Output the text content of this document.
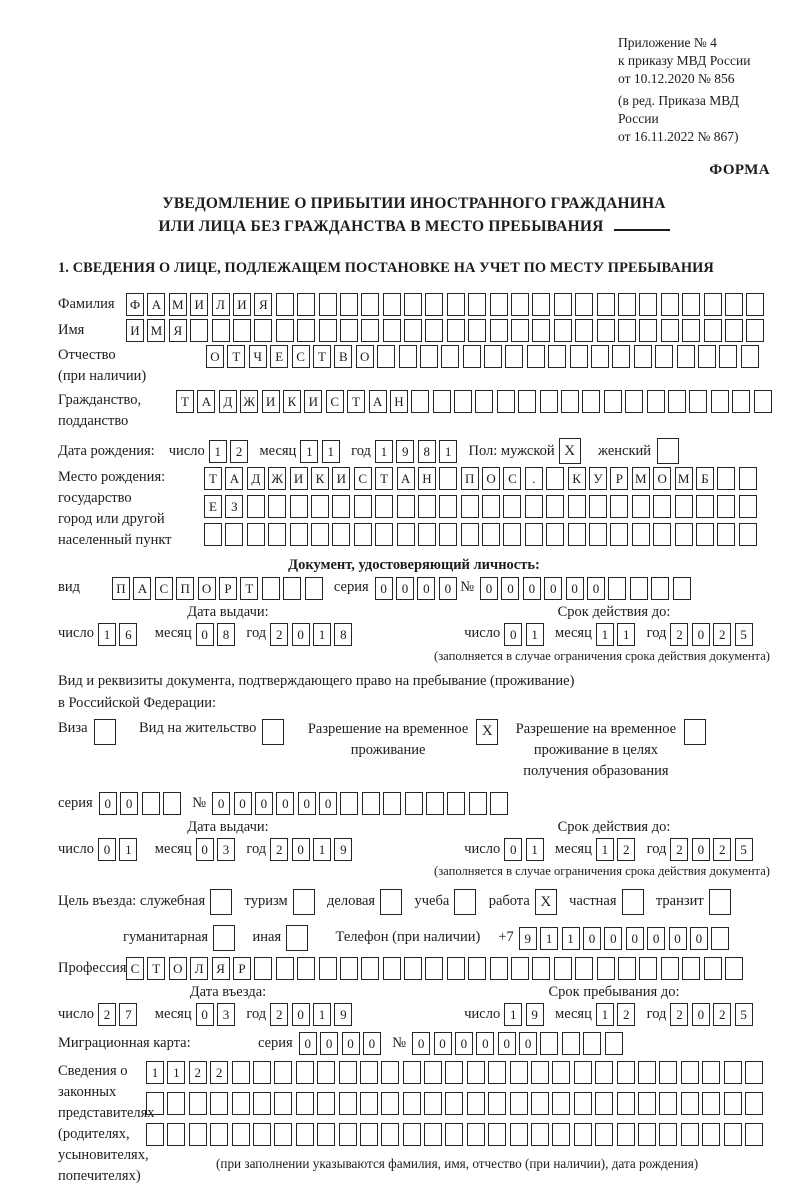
Приложение № 4
к приказу МВД России
от 10.12.2020 № 856
(в ред. Приказа МВД России
от 16.11.2022 № 867)
ФОРМА
УВЕДОМЛЕНИЕ О ПРИБЫТИИ ИНОСТРАННОГО ГРАЖДАНИНА
ИЛИ ЛИЦА БЕЗ ГРАЖДАНСТВА В МЕСТО ПРЕБЫВАНИЯ
1. СВЕДЕНИЯ О ЛИЦЕ, ПОДЛЕЖАЩЕМ ПОСТАНОВКЕ НА УЧЕТ ПО МЕСТУ ПРЕБЫВАНИЯ
Фамилия	Ф А М И Л И Я
Имя	И М Я
Отчество
(при наличии)
О Т	Ч	Е	С	Т	В О
Гражданство,
подданство
Т А Д Ж И К И С	Т А Н
Дата рождения: число 1	2	месяц 1	1	год 1	9	8	1	Пол: мужской X	женский
Место рождения:
государство
город или другой
населенный пункт
Т А Д Ж И К И С	Т А Н	П О С	.	К У	Р М О М Б
Е	З
Документ, удостоверяющий личность:
вид	П А С П О	Р	Т	серия 0	0	0	0 № 0	0	0	0	0	0
Дата выдачи:	Срок действия до:
число 1	6	месяц 0	8	год 2	0	1	8	число 0	1	месяц 1	1	год 2	0	2	5
(заполняется в случае ограничения срока действия документа)
Вид и реквизиты документа, подтверждающего право на пребывание (проживание)
в Российской Федерации:
Виза	Вид на жительство	Разрешение на временное
проживание
X	Разрешение на временное
проживание в целях
получения образования
серия 0	0	№ 0	0	0	0	0	0
Дата выдачи:	Срок действия до:
число 0	1	месяц 0	3	год 2	0	1	9	число 0	1	месяц 1	2	год 2	0	2	5
(заполняется в случае ограничения срока действия документа)
Цель въезда: служебная	туризм	деловая	учеба	работа X	частная	транзит
гуманитарная	иная	Телефон (при наличии) +7 9	1	1	0	0	0	0	0	0
Профессия С	Т О Л Я	Р
Дата въезда:	Срок пребывания до:
число 2	7	месяц 0	3	год 2	0	1	9	число 1	9	месяц 1	2	год 2	0	2	5
Миграционная карта:	серия 0	0	0	0	№ 0	0	0	0	0	0
Сведения о
законных
представителях
(родителях,
усыновителях,
попечителях)
1	1	2	2
(при заполнении указываются фамилия, имя, отчество (при наличии), дата рождения)
